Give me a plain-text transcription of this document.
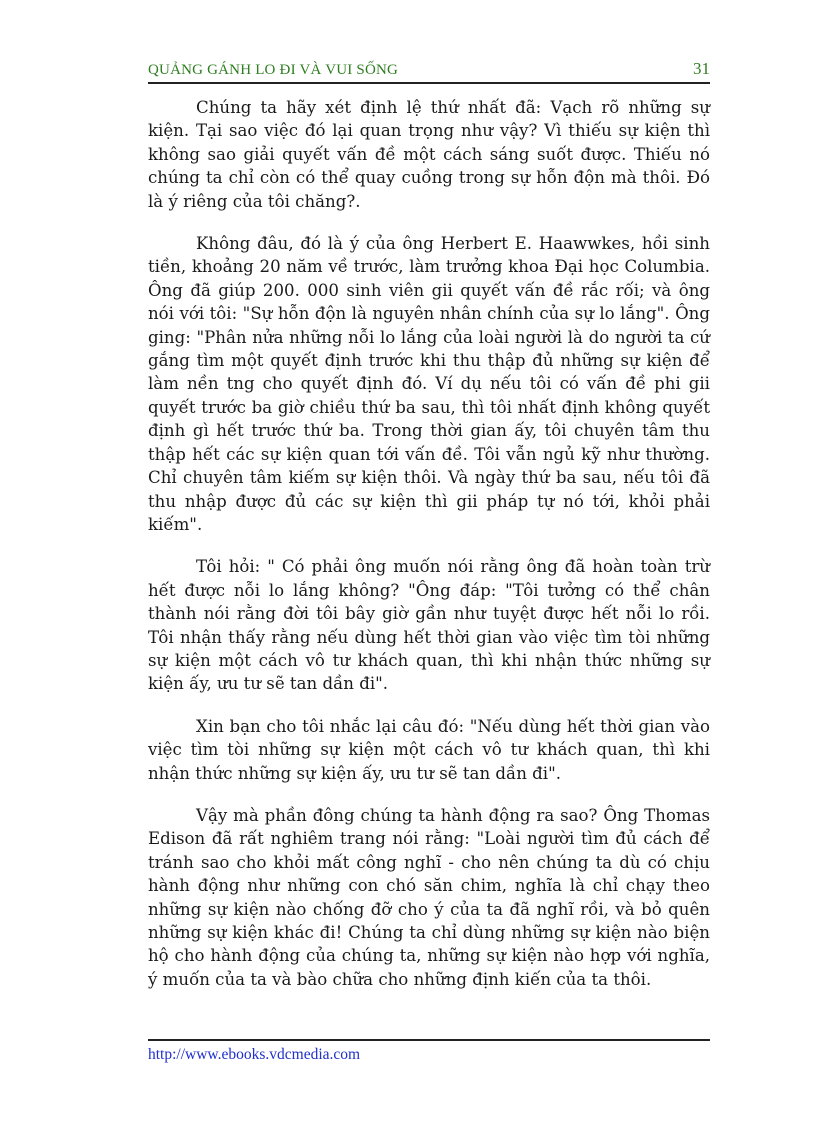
QUẢNG GÁNH LO ĐI VÀ VUI SỐNG	31

Chúng ta hãy xét định lệ thứ nhất đã: Vạch rõ những sự kiện. Tại sao việc đó lại quan trọng như vậy? Vì thiếu sự kiện thì không sao giải quyết vấn đề một cách sáng suốt được. Thiếu nó chúng ta chỉ còn có thể quay cuồng trong sự hỗn độn mà thôi. Đó là ý riêng của tôi chăng?.

Không đâu, đó là ý của ông Herbert E. Haawwkes, hồi sinh tiền, khoảng 20 năm về trước, làm trưởng khoa Đại học Columbia. Ông đã giúp 200. 000 sinh viên gii quyết vấn đề rắc rối; và ông nói với tôi: "Sự hỗn độn là nguyên nhân chính của sự lo lắng". Ông ging: "Phân nửa những nỗi lo lắng của loài người là do người ta cứ gắng tìm một quyết định trước khi thu thập đủ những sự kiện để làm nền tng cho quyết định đó. Ví dụ nếu tôi có vấn đề phi gii quyết trước ba giờ chiều thứ ba sau, thì tôi nhất định không quyết định gì hết trước thứ ba. Trong thời gian ấy, tôi chuyên tâm thu thập hết các sự kiện quan tới vấn đề. Tôi vẫn ngủ kỹ như thường. Chỉ chuyên tâm kiếm sự kiện thôi. Và ngày thứ ba sau, nếu tôi đã thu nhập được đủ các sự kiện thì gii pháp tự nó tới, khỏi phải kiếm".

Tôi hỏi: " Có phải ông muốn nói rằng ông đã hoàn toàn trừ hết được nỗi lo lắng không? "Ông đáp: "Tôi tưởng có thể chân thành nói rằng đời tôi bây giờ gần như tuyệt được hết nỗi lo rồi. Tôi nhận thấy rằng nếu dùng hết thời gian vào việc tìm tòi những sự kiện một cách vô tư khách quan, thì khi nhận thức những sự kiện ấy, ưu tư sẽ tan dần đi".

Xin bạn cho tôi nhắc lại câu đó: "Nếu dùng hết thời gian vào việc tìm tòi những sự kiện một cách vô tư khách quan, thì khi nhận thức những sự kiện ấy, ưu tư sẽ tan dần đi".

Vậy mà phần đông chúng ta hành động ra sao? Ông Thomas Edison đã rất nghiêm trang nói rằng: "Loài người tìm đủ cách để tránh sao cho khỏi mất công nghĩ - cho nên chúng ta dù có chịu hành động như những con chó săn chim, nghĩa là chỉ chạy theo những sự kiện nào chống đỡ cho ý của ta đã nghĩ rồi, và bỏ quên những sự kiện khác đi! Chúng ta chỉ dùng những sự kiện nào biện hộ cho hành động của chúng ta, những sự kiện nào hợp với nghĩa, ý muốn của ta và bào chữa cho những định kiến của ta thôi.

http://www.ebooks.vdcmedia.com
